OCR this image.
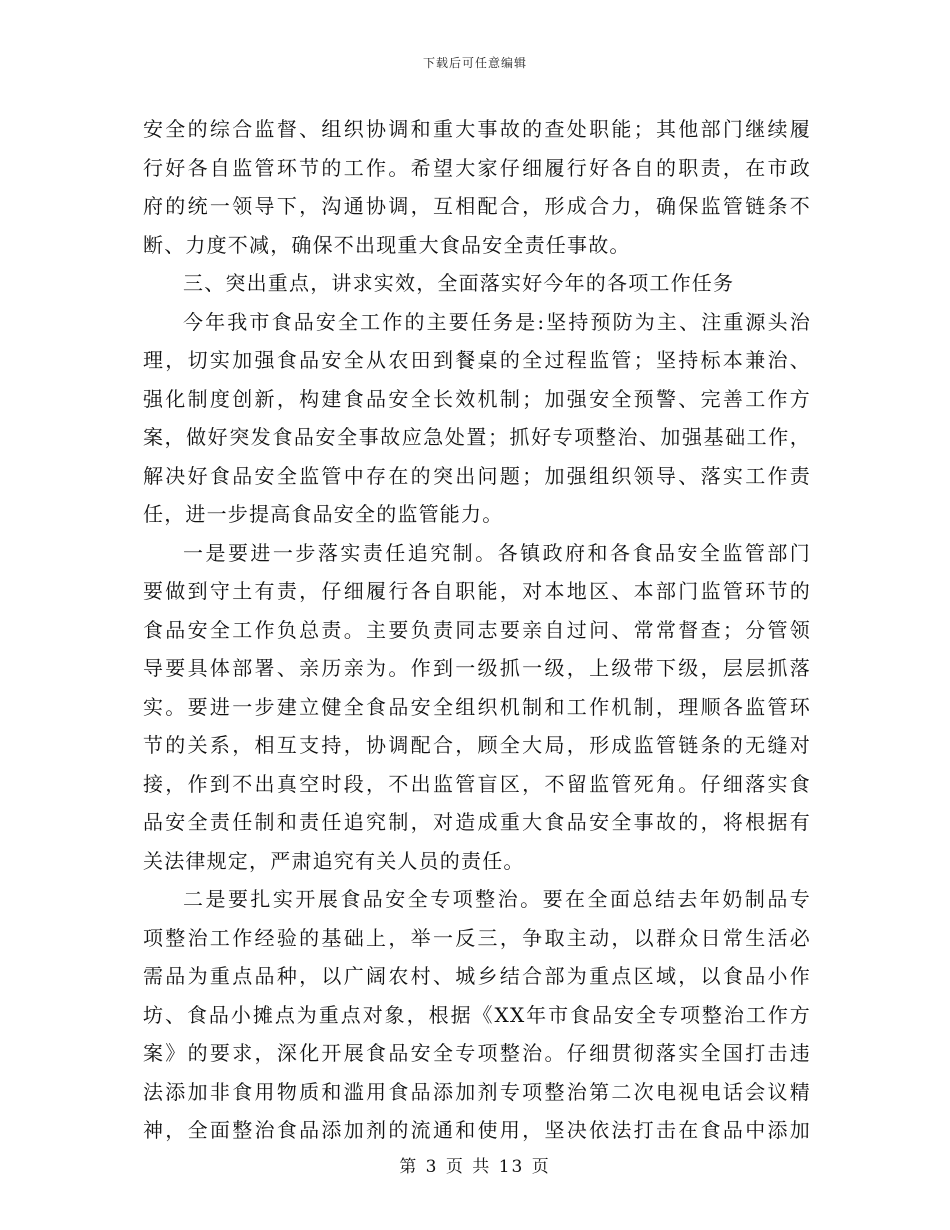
下载后可任意编辑
安全的综合监督、组织协调和重大事故的查处职能；其他部门继续履
行好各自监管环节的工作。希望大家仔细履行好各自的职责，在市政
府的统一领导下，沟通协调，互相配合，形成合力，确保监管链条不
断、力度不减，确保不出现重大食品安全责任事故。
三、突出重点，讲求实效，全面落实好今年的各项工作任务
今年我市食品安全工作的主要任务是:坚持预防为主、注重源头治
理，切实加强食品安全从农田到餐桌的全过程监管；坚持标本兼治、
强化制度创新，构建食品安全长效机制；加强安全预警、完善工作方
案，做好突发食品安全事故应急处置；抓好专项整治、加强基础工作，
解决好食品安全监管中存在的突出问题；加强组织领导、落实工作责
任，进一步提高食品安全的监管能力。
一是要进一步落实责任追究制。各镇政府和各食品安全监管部门
要做到守土有责，仔细履行各自职能，对本地区、本部门监管环节的
食品安全工作负总责。主要负责同志要亲自过问、常常督查；分管领
导要具体部署、亲历亲为。作到一级抓一级，上级带下级，层层抓落
实。要进一步建立健全食品安全组织机制和工作机制，理顺各监管环
节的关系，相互支持，协调配合，顾全大局，形成监管链条的无缝对
接，作到不出真空时段，不出监管盲区，不留监管死角。仔细落实食
品安全责任制和责任追究制，对造成重大食品安全事故的，将根据有
关法律规定，严肃追究有关人员的责任。
二是要扎实开展食品安全专项整治。要在全面总结去年奶制品专
项整治工作经验的基础上，举一反三，争取主动，以群众日常生活必
需品为重点品种，以广阔农村、城乡结合部为重点区域，以食品小作
坊、食品小摊点为重点对象，根据《XX年市食品安全专项整治工作方
案》的要求，深化开展食品安全专项整治。仔细贯彻落实全国打击违
法添加非食用物质和滥用食品添加剂专项整治第二次电视电话会议精
神，全面整治食品添加剂的流通和使用，坚决依法打击在食品中添加
第 3 页 共 13 页
